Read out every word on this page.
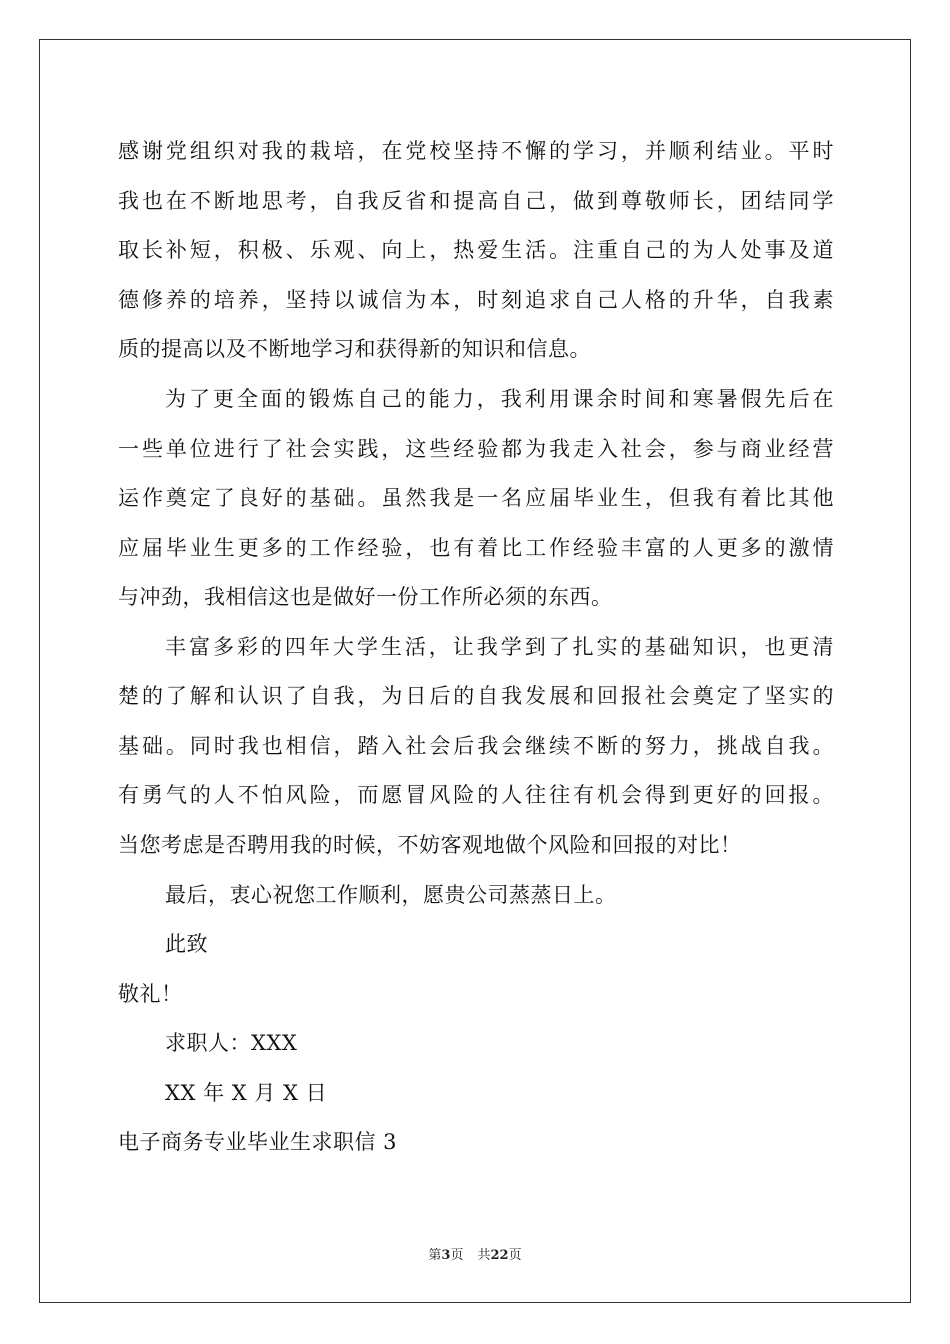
感谢党组织对我的栽培，在党校坚持不懈的学习，并顺利结业。平时
我也在不断地思考，自我反省和提高自己，做到尊敬师长，团结同学
取长补短，积极、乐观、向上，热爱生活。注重自己的为人处事及道
德修养的培养，坚持以诚信为本，时刻追求自己人格的升华，自我素
质的提高以及不断地学习和获得新的知识和信息。
为了更全面的锻炼自己的能力，我利用课余时间和寒暑假先后在
一些单位进行了社会实践，这些经验都为我走入社会，参与商业经营
运作奠定了良好的基础。虽然我是一名应届毕业生，但我有着比其他
应届毕业生更多的工作经验，也有着比工作经验丰富的人更多的激情
与冲劲，我相信这也是做好一份工作所必须的东西。
丰富多彩的四年大学生活，让我学到了扎实的基础知识，也更清
楚的了解和认识了自我，为日后的自我发展和回报社会奠定了坚实的
基础。同时我也相信，踏入社会后我会继续不断的努力，挑战自我。
有勇气的人不怕风险，而愿冒风险的人往往有机会得到更好的回报。
当您考虑是否聘用我的时候，不妨客观地做个风险和回报的对比！
最后，衷心祝您工作顺利，愿贵公司蒸蒸日上。
此致
敬礼！
求职人：XXX
XX 年 X 月 X 日
电子商务专业毕业生求职信 3
第3页 共22页
